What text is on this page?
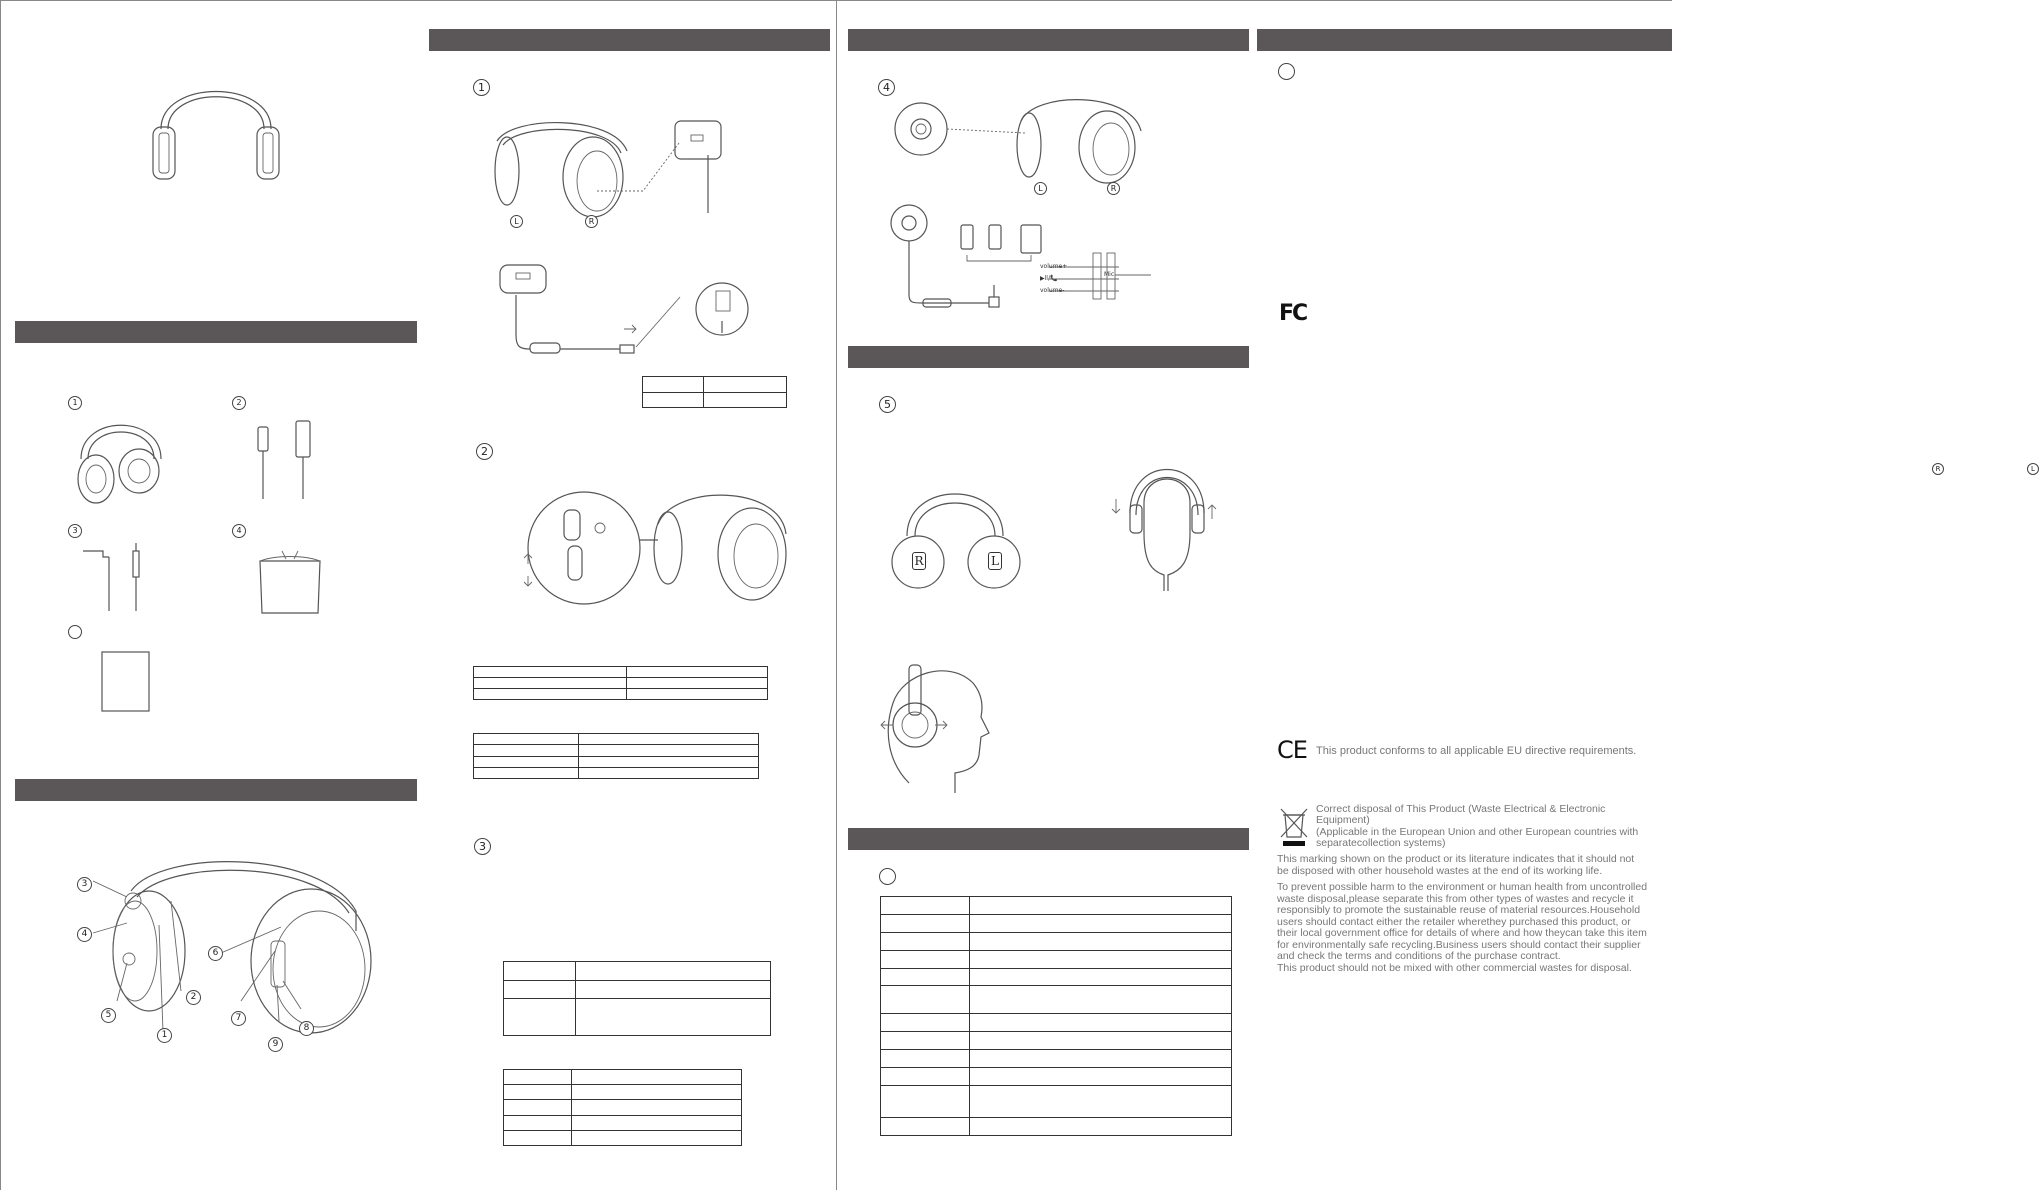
1	2
3	4
3
4
6
2
5	7
1
8
9
1
L	R

2

3

4
L	R
volume+
▶ll/📞
volume-
Mic
5
R	L
R	L

FC
CE This product conforms to all applicable EU directive requirements.
Correct disposal of This Product (Waste Electrical & Electronic
Equipment)
(Applicable in the European Union and other European countries with
separatecollection systems)
This marking shown on the product or its literature indicates that it should not
be disposed with other household wastes at the end of its working life.
To prevent possible harm to the environment or human health from uncontrolled
waste disposal,please separate this from other types of wastes and recycle it
responsibly to promote the sustainable reuse of material resources.Household
users should contact either the retailer wherethey purchased this product, or
their local government office for details of where and how theycan take this item
for environmentally safe recycling.Business users should contact their supplier
and check the terms and conditions of the purchase contract.
This product should not be mixed with other commercial wastes for disposal.
